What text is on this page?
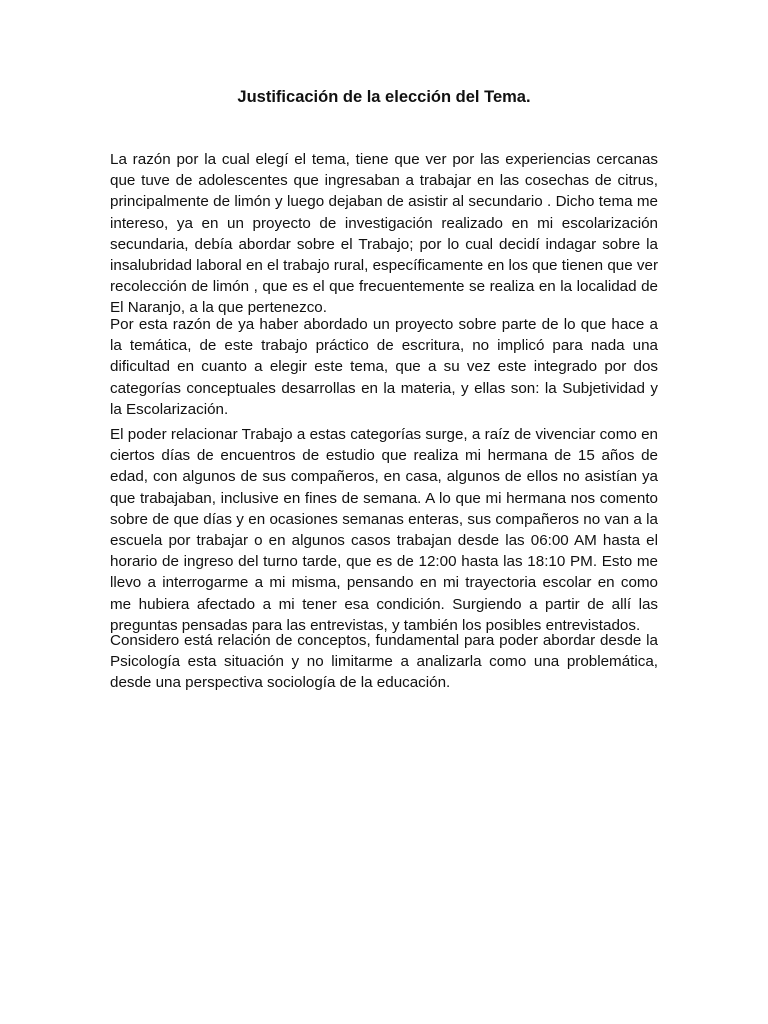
Justificación de la elección del Tema.

La razón por la cual elegí el tema, tiene que ver por las experiencias cercanas que tuve de adolescentes que ingresaban a trabajar en las cosechas de citrus, principalmente de limón y luego dejaban de asistir al secundario . Dicho tema me intereso, ya en un proyecto de investigación realizado en mi escolarización secundaria, debía abordar sobre el Trabajo; por lo cual decidí indagar sobre la insalubridad laboral en el trabajo rural, específicamente en los que tienen que ver recolección de limón , que es el que frecuentemente se realiza en la localidad de El Naranjo, a la que pertenezco.

Por esta razón de ya haber abordado un proyecto sobre parte de lo que hace a la temática, de este trabajo práctico de escritura, no implicó para nada una dificultad en cuanto a elegir este tema, que a su vez este integrado por dos categorías conceptuales desarrollas en la materia, y ellas son: la Subjetividad y la Escolarización.

El poder relacionar Trabajo a estas categorías surge, a raíz de vivenciar como en ciertos días de encuentros de estudio que realiza mi hermana de 15 años de edad, con algunos de sus compañeros, en casa, algunos de ellos no asistían ya que trabajaban, inclusive en fines de semana. A lo que mi hermana nos comento sobre de que días y en ocasiones semanas enteras, sus compañeros no van a la escuela por trabajar o en algunos casos trabajan desde las 06:00 AM hasta el horario de ingreso del turno tarde, que es de 12:00 hasta las 18:10 PM. Esto me llevo a interrogarme a mi misma, pensando en mi trayectoria escolar en como me hubiera afectado a mi tener esa condición. Surgiendo a partir de allí las preguntas pensadas para las entrevistas, y también los posibles entrevistados.

Considero está relación de conceptos, fundamental para poder abordar desde la Psicología esta situación y no limitarme a analizarla como una problemática, desde una perspectiva sociología de la educación.
